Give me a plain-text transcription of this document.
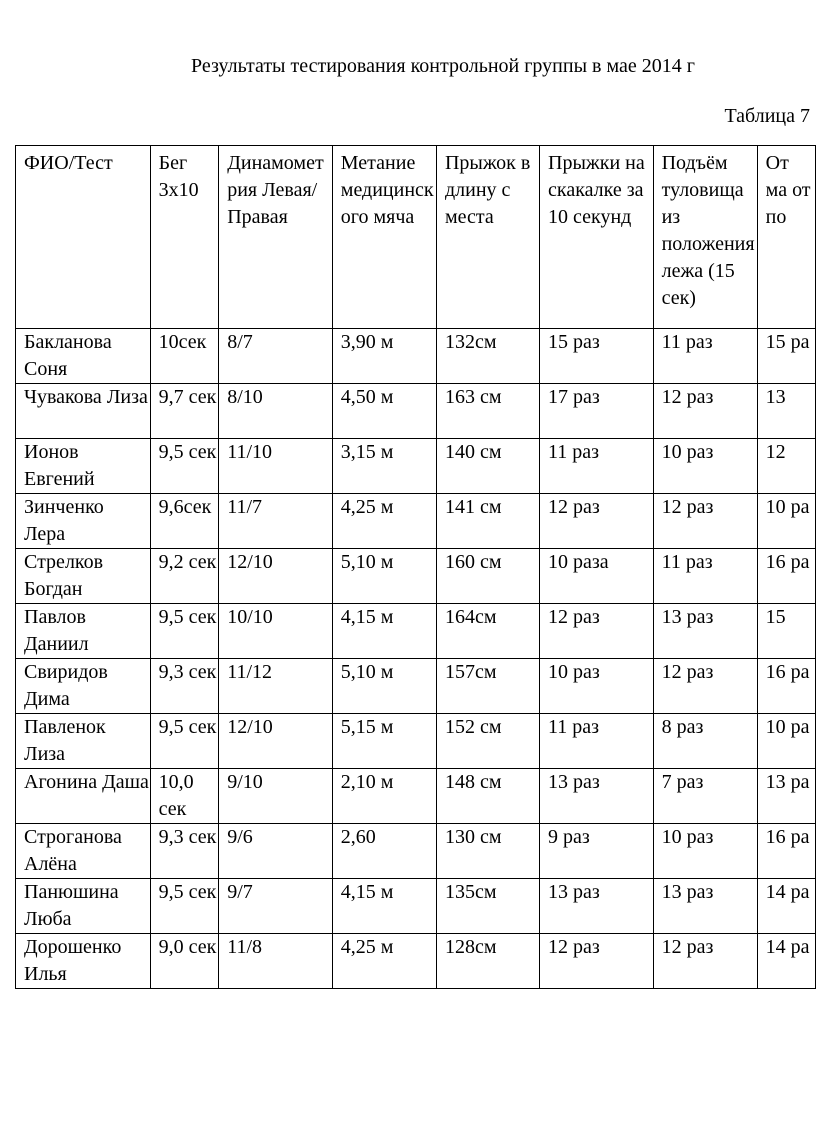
Результаты тестирования контрольной группы в мае 2014 г
Таблица 7
ФИО/Тест	Бег 3х10	Динамометрия Левая/Правая	Метание медицинского мяча	Прыжок в длину с места	Прыжки на скакалке за 10 секунд	Подъём туловища из положения лежа (15 сек)	От ма от по
Бакланова Соня	10сек	8/7	3,90 м	132см	15 раз	11 раз	15 ра
Чувакова Лиза	9,7 сек	8/10	4,50 м	163 см	17 раз	12 раз	13
Ионов Евгений	9,5 сек	11/10	3,15 м	140 см	11 раз	10 раз	12
Зинченко Лера	9,6сек	11/7	4,25 м	141 см	12 раз	12 раз	10 ра
Стрелков Богдан	9,2 сек	12/10	5,10 м	160 см	10 раза	11 раз	16 ра
Павлов Даниил	9,5 сек	10/10	4,15 м	164см	12 раз	13 раз	15
Свиридов Дима	9,3 сек	11/12	5,10 м	157см	10 раз	12 раз	16 ра
Павленок Лиза	9,5 сек	12/10	5,15 м	152 см	11 раз	8 раз	10 ра
Агонина Даша	10,0 сек	9/10	2,10 м	148 см	13 раз	7 раз	13 ра
Строганова Алёна	9,3 сек	9/6	2,60	130 см	9 раз	10 раз	16 ра
Панюшина Люба	9,5 сек	9/7	4,15 м	135см	13 раз	13 раз	14 ра
Дорошенко Илья	9,0 сек	11/8	4,25 м	128см	12 раз	12 раз	14 ра
